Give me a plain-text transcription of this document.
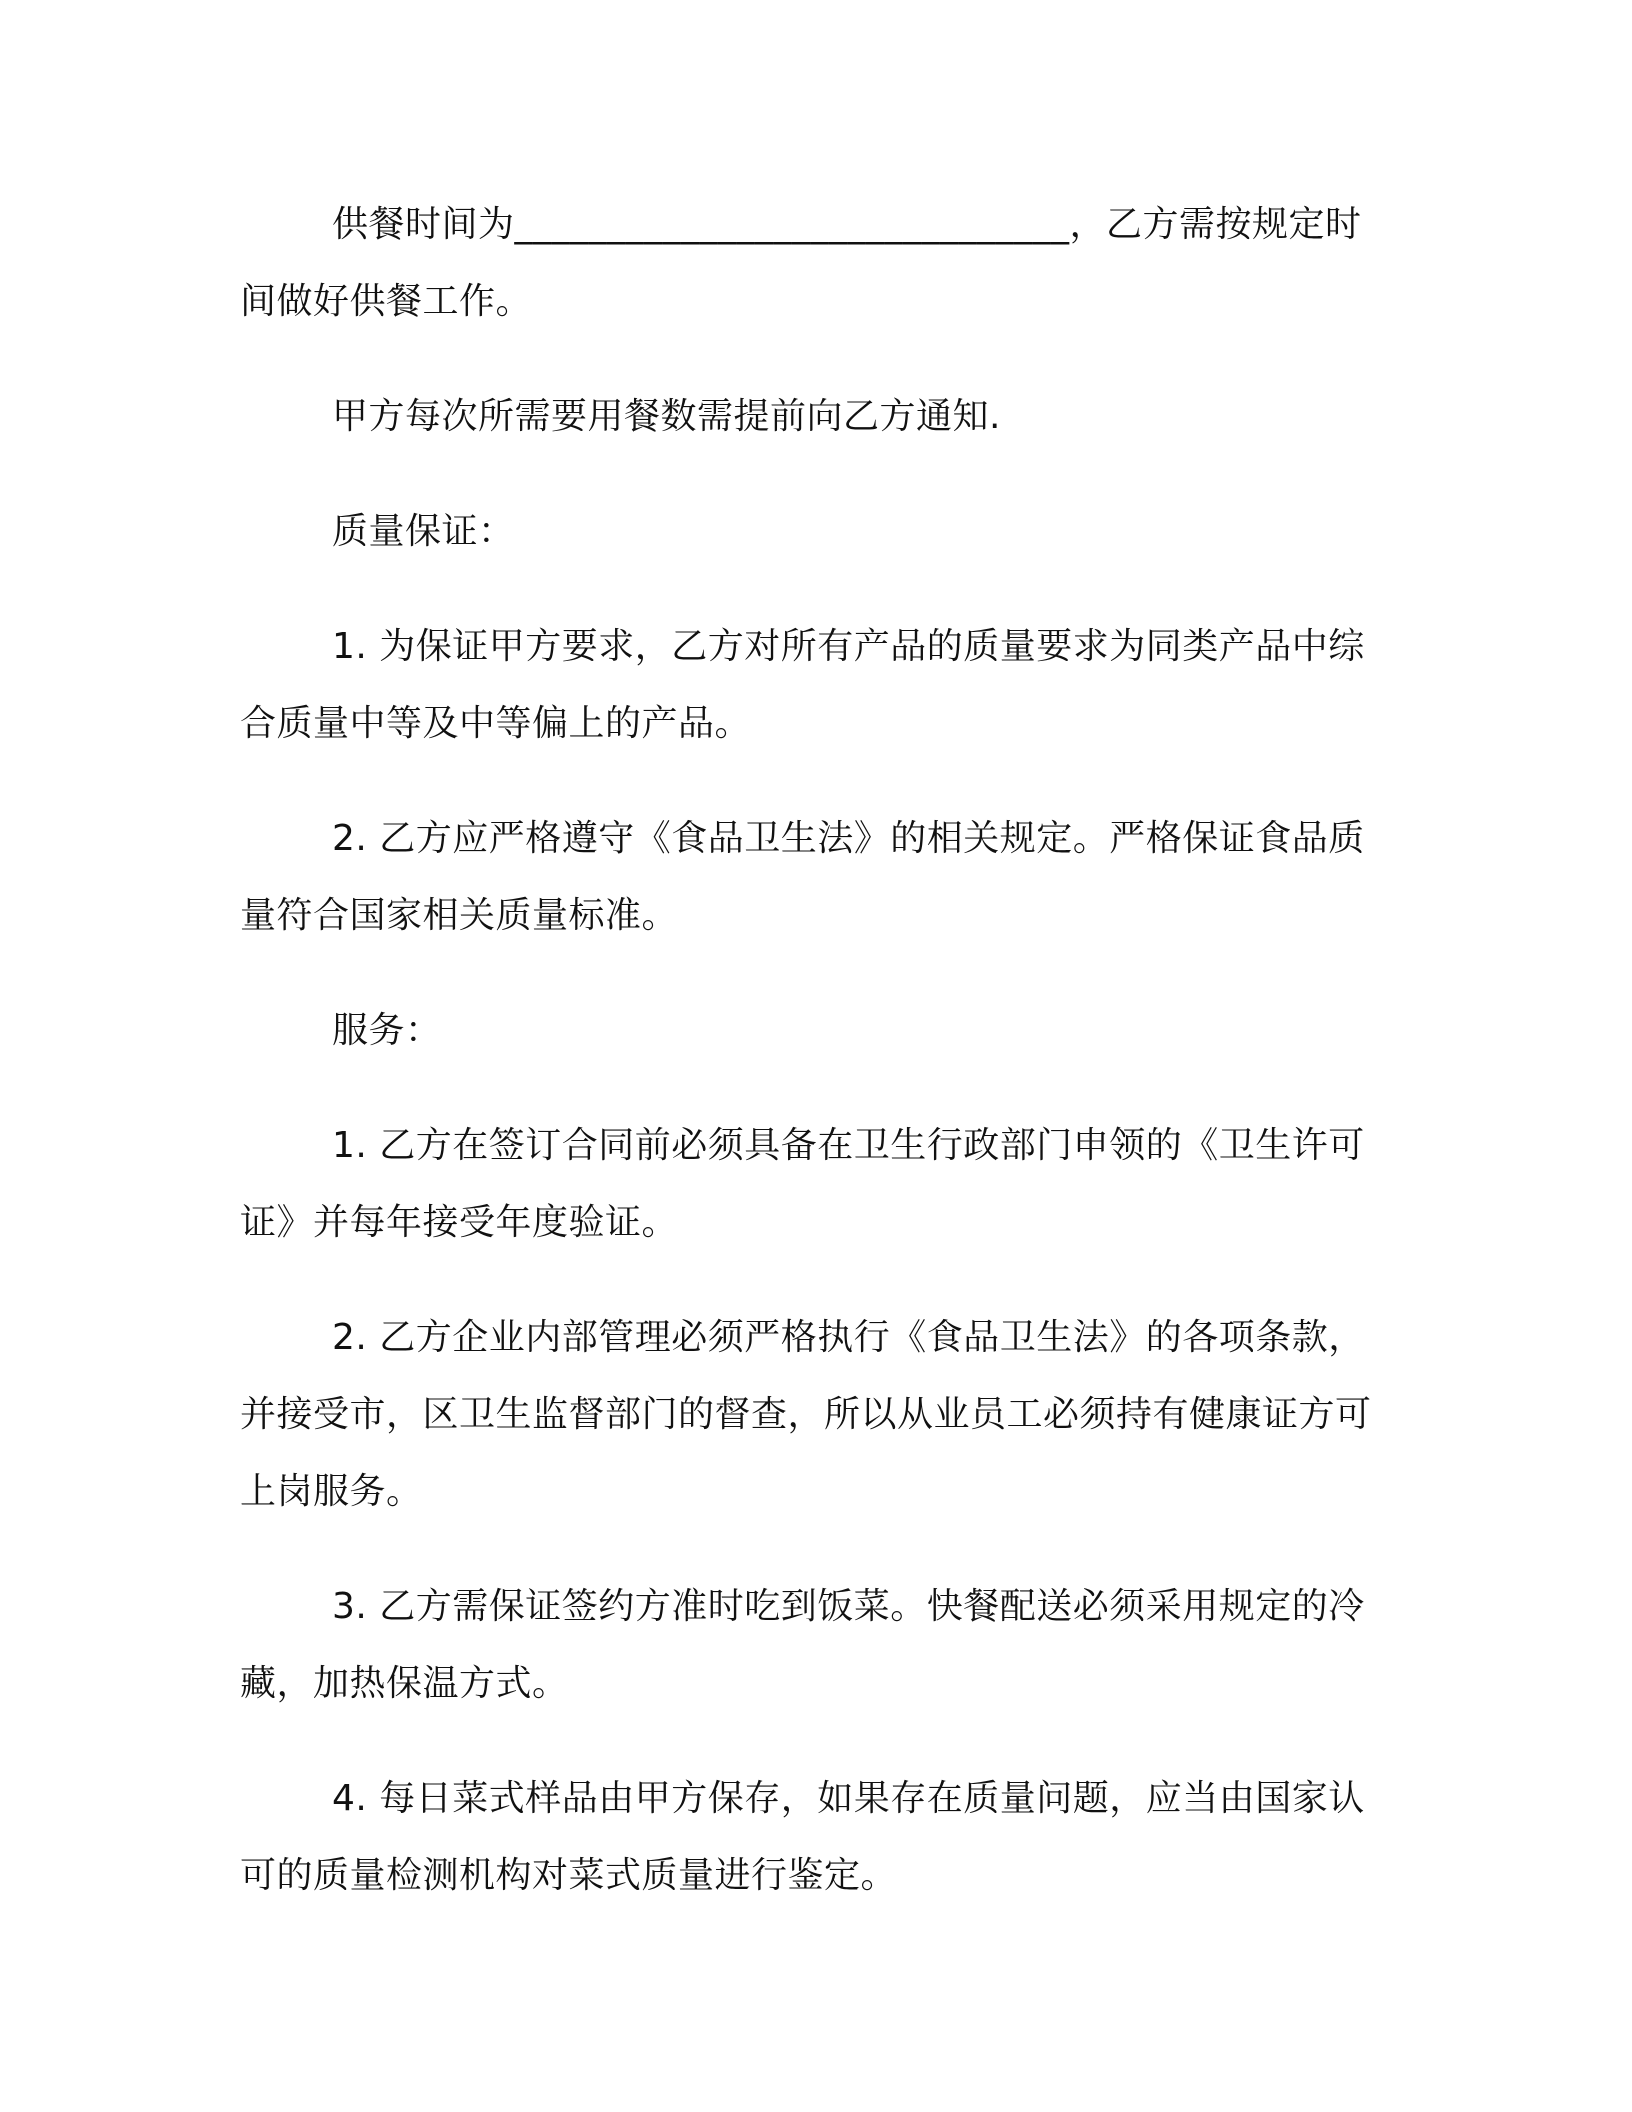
供餐时间为______________________________，乙方需按规定时间做好供餐工作。

甲方每次所需要用餐数需提前向乙方通知.

质量保证：

1. 为保证甲方要求，乙方对所有产品的质量要求为同类产品中综合质量中等及中等偏上的产品。

2. 乙方应严格遵守《食品卫生法》的相关规定。严格保证食品质量符合国家相关质量标准。

服务：

1. 乙方在签订合同前必须具备在卫生行政部门申领的《卫生许可证》并每年接受年度验证。

2. 乙方企业内部管理必须严格执行《食品卫生法》的各项条款，并接受市，区卫生监督部门的督查，所以从业员工必须持有健康证方可上岗服务。

3. 乙方需保证签约方准时吃到饭菜。快餐配送必须采用规定的冷藏，加热保温方式。

4. 每日菜式样品由甲方保存，如果存在质量问题，应当由国家认可的质量检测机构对菜式质量进行鉴定。
